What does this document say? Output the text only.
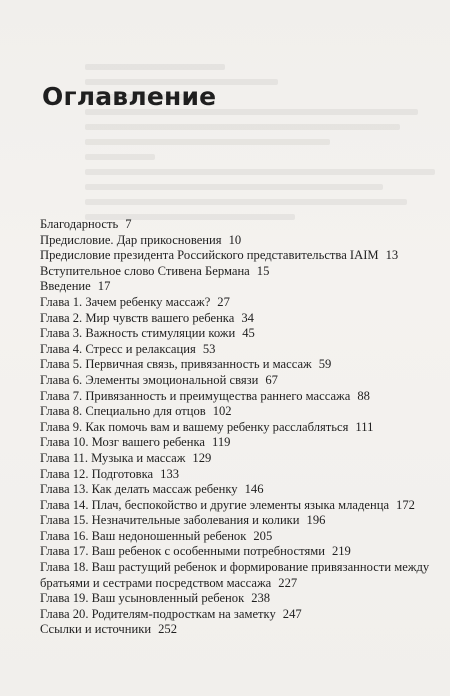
Оглавление
Благодарность 7
Предисловие. Дар прикосновения 10
Предисловие президента Российского представительства IAIM 13
Вступительное слово Стивена Бермана 15
Введение 17
Глава 1. Зачем ребенку массаж? 27
Глава 2. Мир чувств вашего ребенка 34
Глава 3. Важность стимуляции кожи 45
Глава 4. Стресс и релаксация 53
Глава 5. Первичная связь, привязанность и массаж 59
Глава 6. Элементы эмоциональной связи 67
Глава 7. Привязанность и преимущества раннего массажа 88
Глава 8. Специально для отцов 102
Глава 9. Как помочь вам и вашему ребенку расслабляться 111
Глава 10. Мозг вашего ребенка 119
Глава 11. Музыка и массаж 129
Глава 12. Подготовка 133
Глава 13. Как делать массаж ребенку 146
Глава 14. Плач, беспокойство и другие элементы языка младенца 172
Глава 15. Незначительные заболевания и колики 196
Глава 16. Ваш недоношенный ребенок 205
Глава 17. Ваш ребенок с особенными потребностями 219
Глава 18. Ваш растущий ребенок и формирование привязанности между братьями и сестрами посредством массажа 227
Глава 19. Ваш усыновленный ребенок 238
Глава 20. Родителям-подросткам на заметку 247
Ссылки и источники 252
